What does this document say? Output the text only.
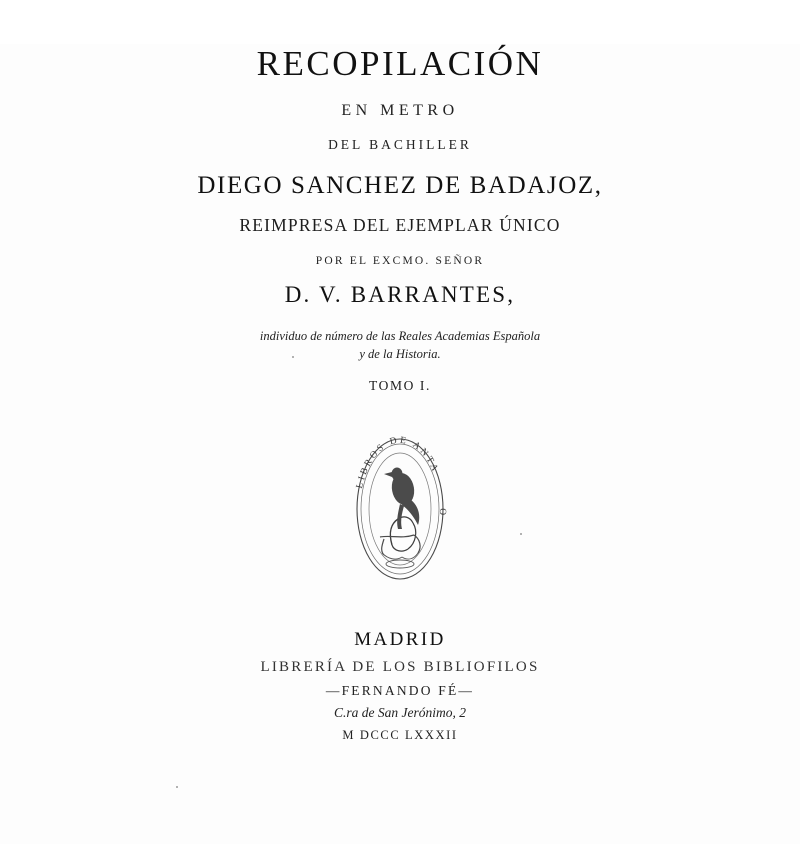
RECOPILACIÓN
EN METRO
DEL BACHILLER
DIEGO SANCHEZ DE BADAJOZ,
REIMPRESA DEL EJEMPLAR ÚNICO
POR EL EXCMO. SEÑOR
D. V. BARRANTES,
individuo de número de las Reales Academias Española
y de la Historia.
TOMO I.
LIBROS DE ANTA       O
MADRID
LIBRERÍA DE LOS BIBLIOFILOS
—FERNANDO FÉ—
C.ra de San Jerónimo, 2
M DCCC LXXXII
